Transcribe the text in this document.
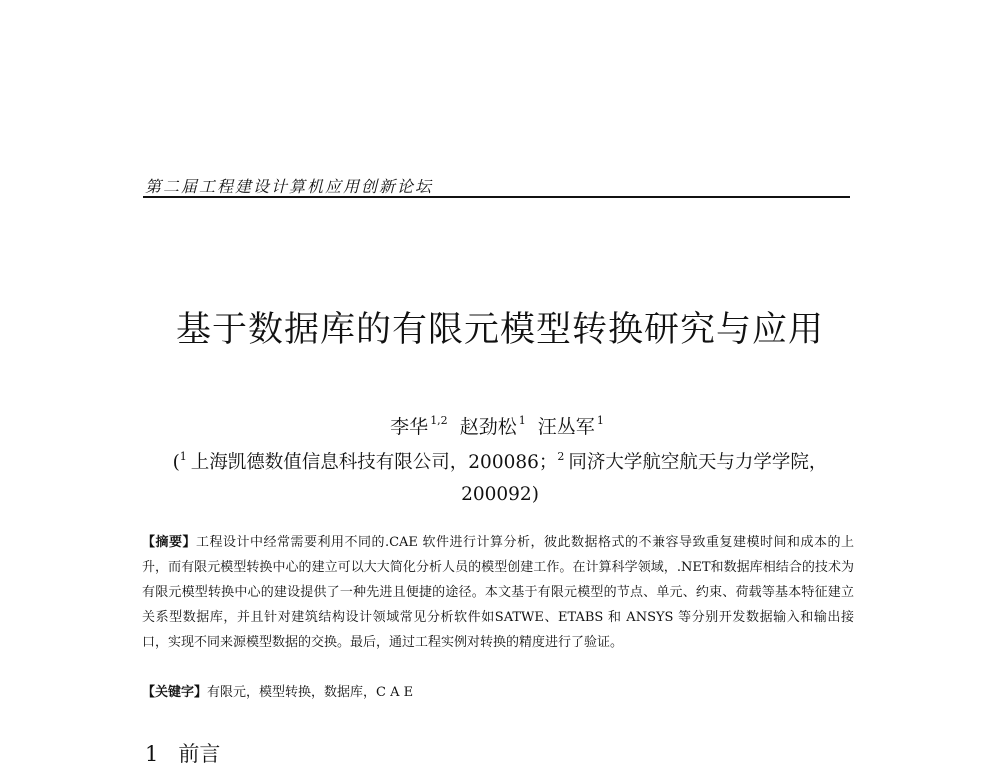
第二届工程建设计算机应用创新论坛
基于数据库的有限元模型转换研究与应用
李华 $^{1,2}$ 赵劲松 $^1$ 汪丛军 $^1$
($^1$ 上海凯德数值信息科技有限公司，200086；$^2$ 同济大学航空航天与力学学院，200092)
【摘要】工程设计中经常需要利用不同的.CAE 软件进行计算分析，彼此数据格式的不兼容导致重复建模时间和成本的上升，而有限元模型转换中心的建立可以大大简化分析人员的模型创建工作。在计算科学领域，.NET和数据库相结合的技术为有限元模型转换中心的建设提供了一种先进且便捷的途径。本文基于有限元模型的节点、单元、约束、荷载等基本特征建立关系型数据库，并且针对建筑结构设计领域常见分析软件如SATWE、ETABS 和 ANSYS 等分别开发数据输入和输出接口，实现不同来源模型数据的交换。最后，通过工程实例对转换的精度进行了验证。
【关键字】有限元，模型转换，数据库，C A E
1 前言
